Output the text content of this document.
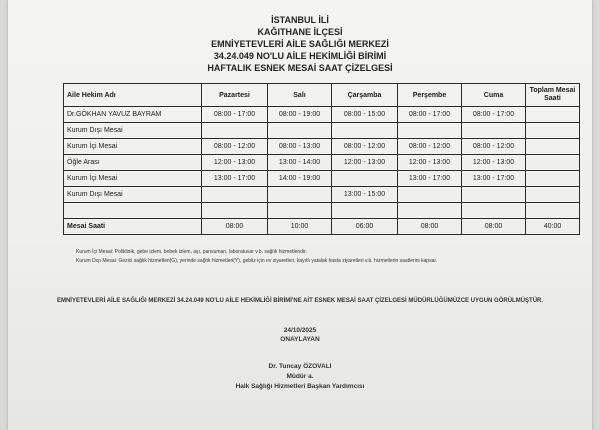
İSTANBUL İLİ
KAĞITHANE İLÇESİ
EMNİYETEVLERİ AİLE SAĞLIĞI MERKEZİ
34.24.049 NO'LU AİLE HEKİMLİĞİ BİRİMİ
HAFTALIK ESNEK MESAİ SAAT ÇİZELGESİ
Aile Hekim Adı	Pazartesi	Salı	Çarşamba	Perşembe	Cuma	Toplam Mesai Saati
Dr.GÖKHAN YAVUZ BAYRAM	08:00 - 17:00	08:00 - 19:00	08:00 - 15:00	08:00 - 17:00	08:00 - 17:00	
Kurum Dışı Mesai						
Kurum İçi Mesai	08:00 - 12:00	08:00 - 13:00	08:00 - 12:00	08:00 - 12:00	08:00 - 12:00	
Öğle Arası	12:00 - 13:00	13:00 - 14:00	12:00 - 13:00	12:00 - 13:00	12:00 - 13:00	
Kurum İçi Mesai	13:00 - 17:00	14:00 - 19:00		13:00 - 17:00	13:00 - 17:00	
Kurum Dışı Mesai			13:00 - 15:00			

Mesai Saati	08:00	10:00	06:00	08:00	08:00	40:00
Kurum İçi Mesai: Poliklinik, gebe izlem, bebek izlem, aşı, pansuman, laboratuvar v.b. sağlık hizmetlendir.
Kurum Dışı Mesai: Gezici sağlık hizmetleri(G), yerinde sağlık hizmetleri(Y), gebliz için ev ziyaretleri, kayıtlı yatalak hasta ziyaretleri v.b. hizmetlerin saatlerini kapsar.
EMNİYETEVLERİ AİLE SAĞLIĞI MERKEZİ 34.24.049 NO'LU AİLE HEKİMLİĞİ BİRİMİ'NE AİT ESNEK MESAİ SAAT ÇİZELGESİ MÜDÜRLÜĞÜMÜZCE UYGUN GÖRÜLMÜŞTÜR.
24/10/2025
ONAYLAYAN
Dr. Tuncay ÖZOVALI
Müdür a.
Halk Sağlığı Hizmetleri Başkan Yardımcısı
